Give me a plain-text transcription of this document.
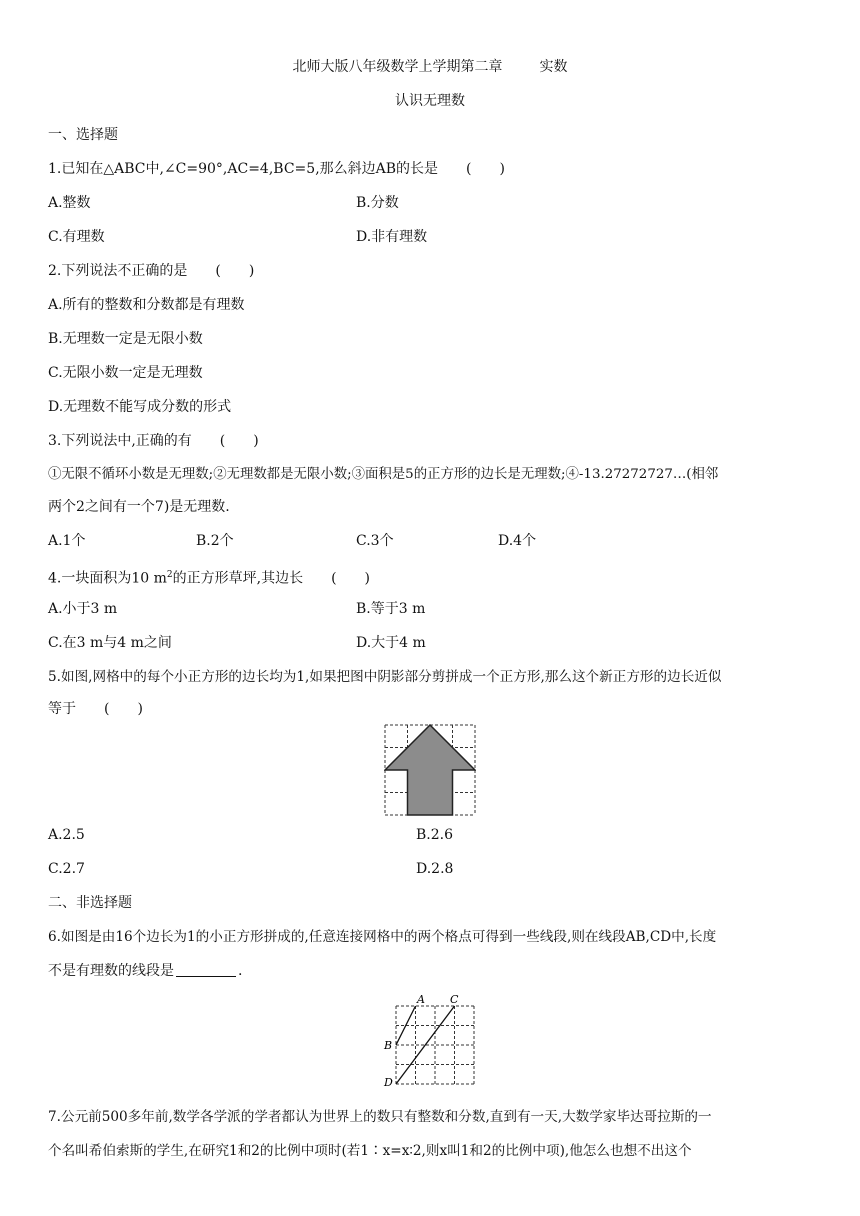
北师大版八年级数学上学期第二章	实数
认识无理数
一、选择题
1.已知在△ABC中,∠C=90°,AC=4,BC=5,那么斜边AB的长是　　(　　)
A.整数	B.分数
C.有理数	D.非有理数
2.下列说法不正确的是　　(　　)
A.所有的整数和分数都是有理数
B.无理数一定是无限小数
C.无限小数一定是无理数
D.无理数不能写成分数的形式
3.下列说法中,正确的有　　(　　)
①无限不循环小数是无理数;②无理数都是无限小数;③面积是5的正方形的边长是无理数;④-13.27272727…(相邻
两个2之间有一个7)是无理数.
A.1个	B.2个	C.3个	D.4个
4.一块面积为10 $m^2$的正方形草坪,其边长　　(　　)
A.小于3 m	B.等于3 m
C.在3 m与4 m之间	D.大于4 m
5.如图,网格中的每个小正方形的边长均为1,如果把图中阴影部分剪拼成一个正方形,那么这个新正方形的边长近似
等于　　(　　)
A.2.5	B.2.6
C.2.7	D.2.8
二、非选择题
6.如图是由16个边长为1的小正方形拼成的,任意连接网格中的两个格点可得到一些线段,则在线段AB,CD中,长度
不是有理数的线段是	.
A C
B
D
7.公元前500多年前,数学各学派的学者都认为世界上的数只有整数和分数,直到有一天,大数学家毕达哥拉斯的一
个名叫希伯索斯的学生,在研究1和2的比例中项时(若1∶x=x∶2,则x叫1和2的比例中项),他怎么也想不出这个
